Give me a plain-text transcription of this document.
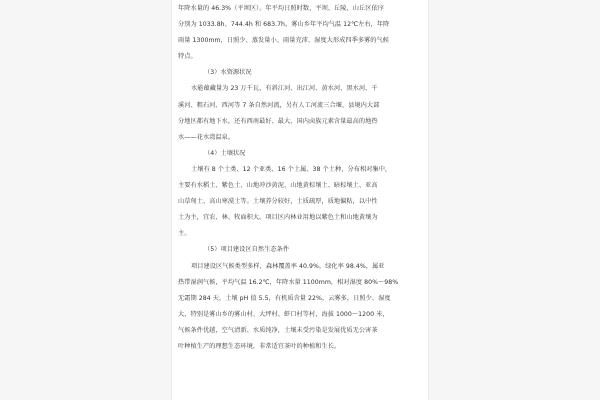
年降水量的 46.3%（平坝区）。年平均日照时数，平坝、丘陵、山丘区依序
分别为 1033.8h、744.4h 和 683.7h。雾山乡年平均气温 12℃左右，年降
雨量 1300mm，日照少、蒸发量小、雨量充沛、湿度大形成四季多雾的气候
特点。
（3）水资源状况
水能蕴藏量为 23 万千瓦，有斜江河、出江河、黄水河、黑水河、千
溪河、粗石河、西河等 7 条自然河流，另有人工河流三合堰，县境内大部
分地区都有地下水，还有西南最好、最大、国内卤族元素含量最高的地热
水——花水湾温泉。
（4）土壤状况
土壤有 8 个土类、12 个亚类、16 个土属、38 个土种，分布相对集中，
主要有水稻土、紫色土、山地冲沙黄泥、山地黄棕壤土、暗棕壤土、亚高
山草甸土、高山寒漠土等。土壤养分较好，土质疏厚，质地偏粘，以中性
土为主，宜农、林、牧面积大。项目区内林业用地以紫色土和山地黄壤为
主。
（5）项目建设区自然生态条件
项目建设区气候类型多样，森林覆盖率 40.9%，绿化率 98.4%，属亚
热带湿润气候，平均气温 16.2℃，年降水量 1100mm，相对湿度 80%～98%
无霜期 284 天，土壤 pH 值 5.5，有机质含量 22%，云雾多，日照少、湿度
大，特别是雾山乡的雾山村、大坪村、虾口村等村，海拔 1000～1200 米，
气候条件优越，空气清新、水质纯净，土壤未受污染是发展优质无公害茶
叶种植生产的理想生态环境，非常适宜茶叶的种植和生长。
